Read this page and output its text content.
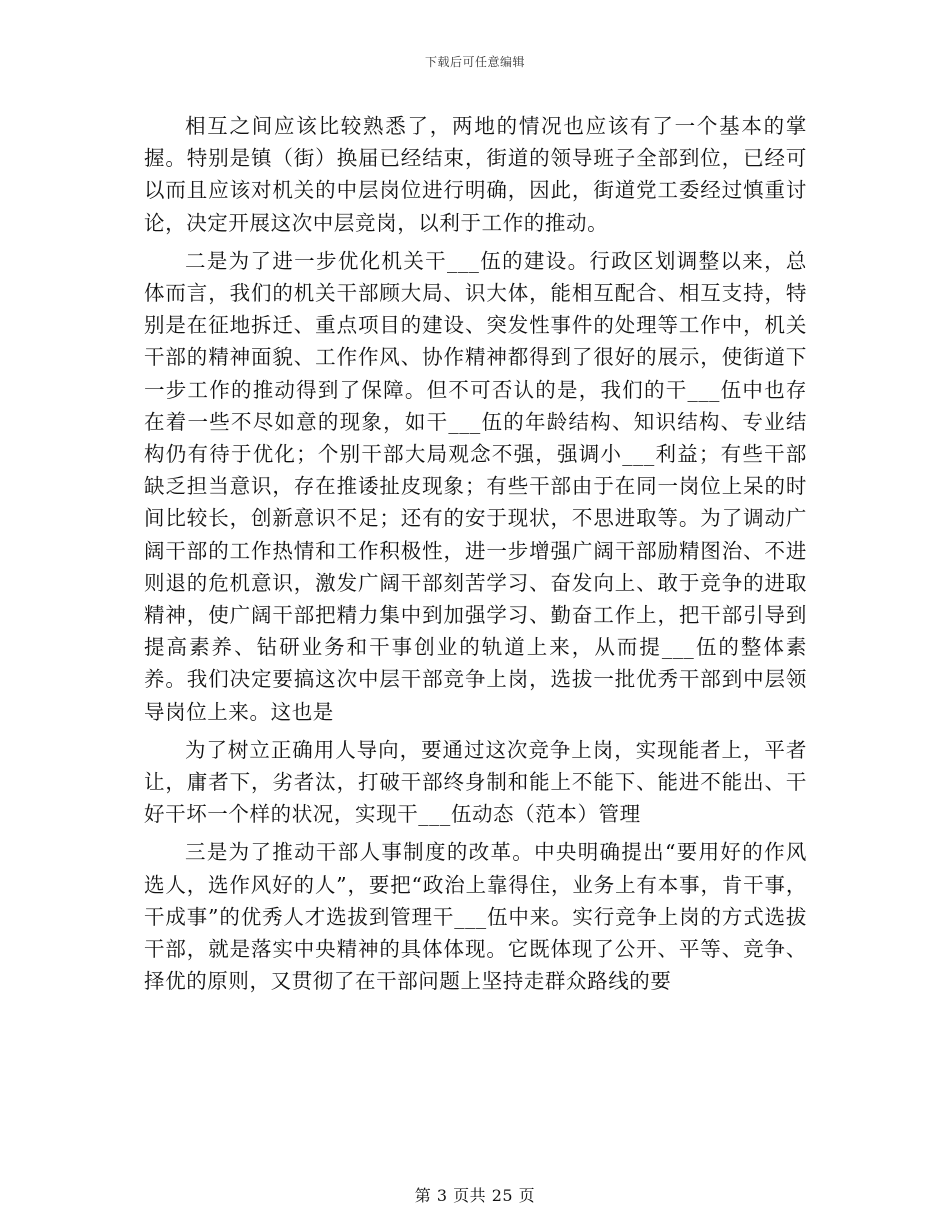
下载后可任意编辑

相互之间应该比较熟悉了，两地的情况也应该有了一个基本的掌握。特别是镇（街）换届已经结束，街道的领导班子全部到位，已经可以而且应该对机关的中层岗位进行明确，因此，街道党工委经过慎重讨论，决定开展这次中层竞岗，以利于工作的推动。

二是为了进一步优化机关干___伍的建设。行政区划调整以来，总体而言，我们的机关干部顾大局、识大体，能相互配合、相互支持，特别是在征地拆迁、重点项目的建设、突发性事件的处理等工作中，机关干部的精神面貌、工作作风、协作精神都得到了很好的展示，使街道下一步工作的推动得到了保障。但不可否认的是，我们的干___伍中也存在着一些不尽如意的现象，如干___伍的年龄结构、知识结构、专业结构仍有待于优化；个别干部大局观念不强，强调小___利益；有些干部缺乏担当意识，存在推诿扯皮现象；有些干部由于在同一岗位上呆的时间比较长，创新意识不足；还有的安于现状，不思进取等。为了调动广阔干部的工作热情和工作积极性，进一步增强广阔干部励精图治、不进则退的危机意识，激发广阔干部刻苦学习、奋发向上、敢于竞争的进取精神，使广阔干部把精力集中到加强学习、勤奋工作上，把干部引导到提高素养、钻研业务和干事创业的轨道上来，从而提___伍的整体素养。我们决定要搞这次中层干部竞争上岗，选拔一批优秀干部到中层领导岗位上来。这也是

为了树立正确用人导向，要通过这次竞争上岗，实现能者上，平者让，庸者下，劣者汰，打破干部终身制和能上不能下、能进不能出、干好干坏一个样的状况，实现干___伍动态（范本）管理

三是为了推动干部人事制度的改革。中央明确提出“要用好的作风选人，选作风好的人”，要把“政治上靠得住，业务上有本事，肯干事，干成事”的优秀人才选拔到管理干___伍中来。实行竞争上岗的方式选拔干部，就是落实中央精神的具体体现。它既体现了公开、平等、竞争、择优的原则，又贯彻了在干部问题上坚持走群众路线的要

第 3 页共 25 页
